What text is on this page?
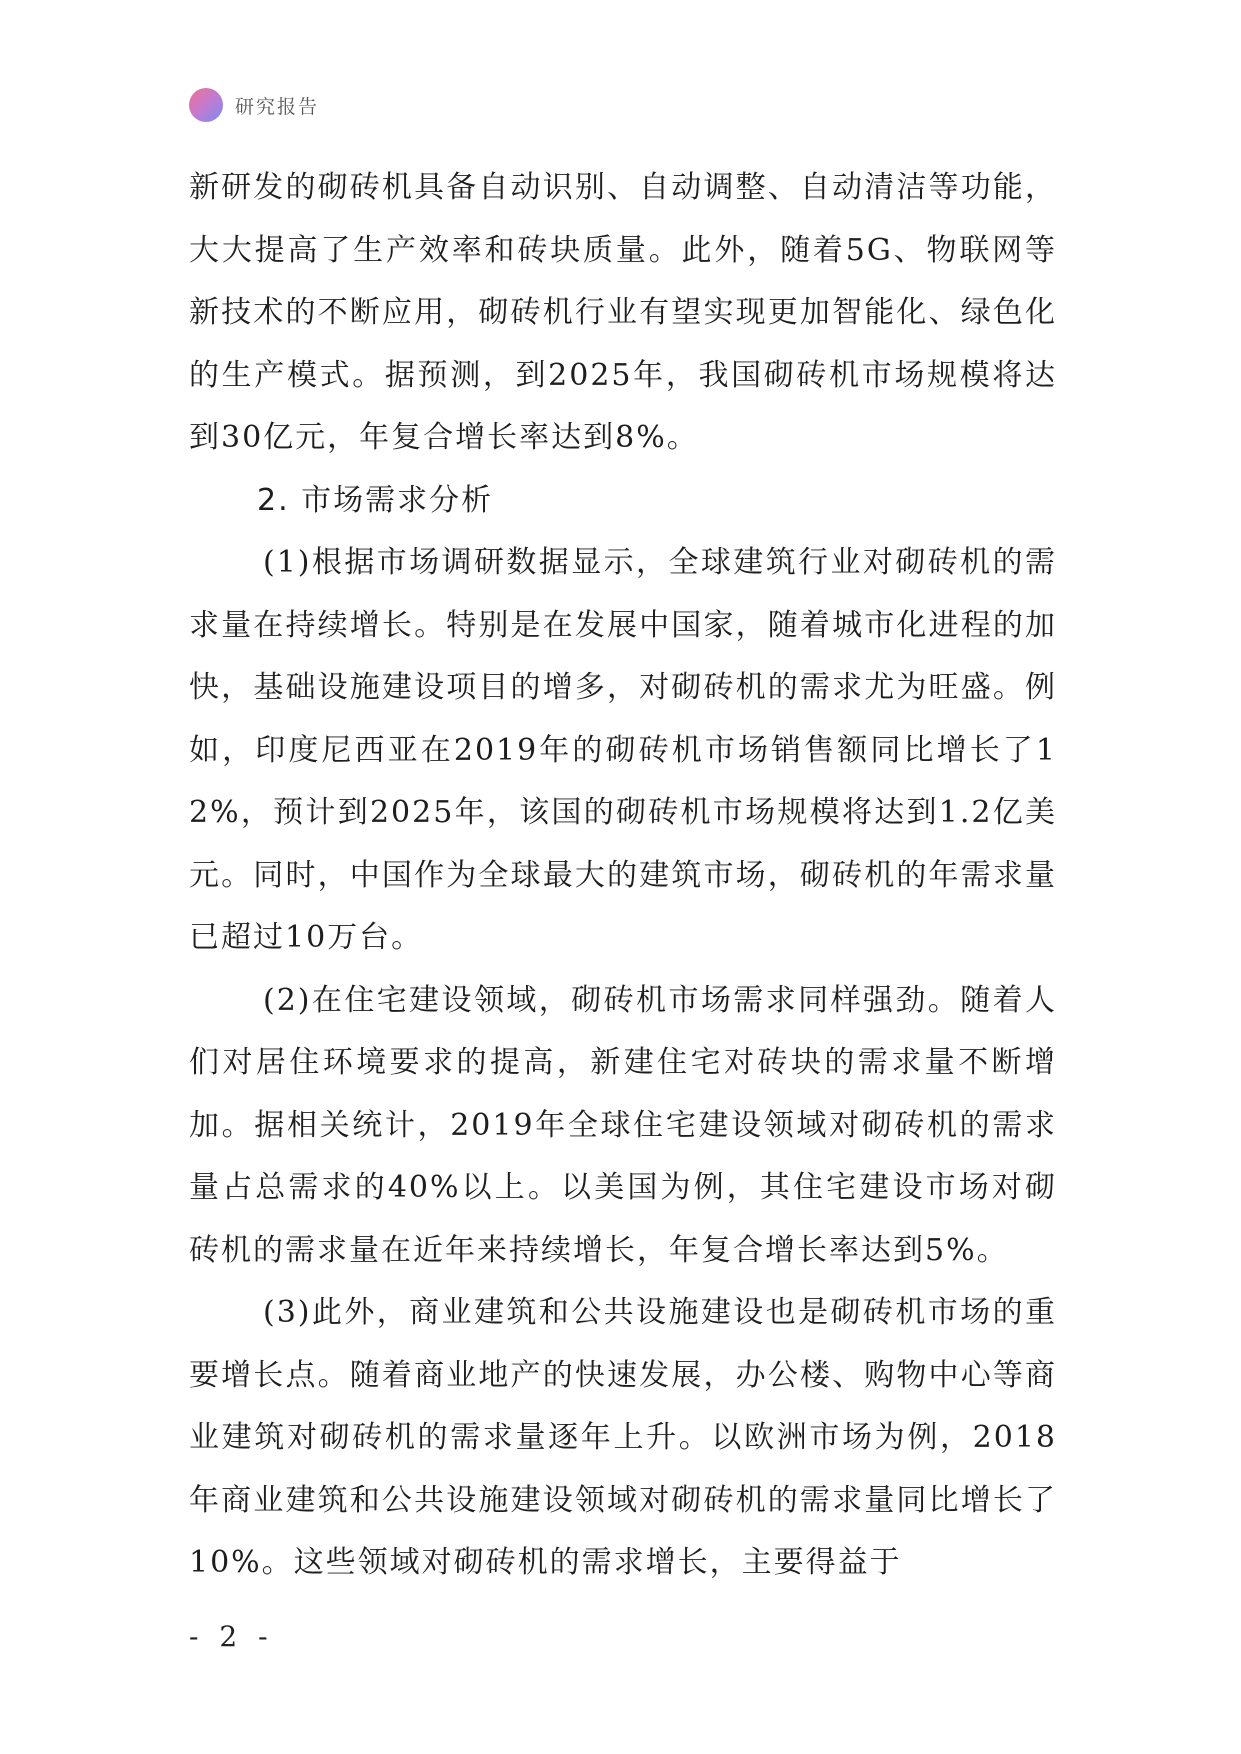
研究报告

新研发的砌砖机具备自动识别、自动调整、自动清洁等功能，大大提高了生产效率和砖块质量。此外，随着5G、物联网等新技术的不断应用，砌砖机行业有望实现更加智能化、绿色化的生产模式。据预测，到2025年，我国砌砖机市场规模将达到30亿元，年复合增长率达到8%。

2. 市场需求分析

(1)根据市场调研数据显示，全球建筑行业对砌砖机的需求量在持续增长。特别是在发展中国家，随着城市化进程的加快，基础设施建设项目的增多，对砌砖机的需求尤为旺盛。例如，印度尼西亚在2019年的砌砖机市场销售额同比增长了12%，预计到2025年，该国的砌砖机市场规模将达到1.2亿美元。同时，中国作为全球最大的建筑市场，砌砖机的年需求量已超过10万台。

(2)在住宅建设领域，砌砖机市场需求同样强劲。随着人们对居住环境要求的提高，新建住宅对砖块的需求量不断增加。据相关统计，2019年全球住宅建设领域对砌砖机的需求量占总需求的40%以上。以美国为例，其住宅建设市场对砌砖机的需求量在近年来持续增长，年复合增长率达到5%。

(3)此外，商业建筑和公共设施建设也是砌砖机市场的重要增长点。随着商业地产的快速发展，办公楼、购物中心等商业建筑对砌砖机的需求量逐年上升。以欧洲市场为例，2018年商业建筑和公共设施建设领域对砌砖机的需求量同比增长了10%。这些领域对砌砖机的需求增长，主要得益于

- 2 -
